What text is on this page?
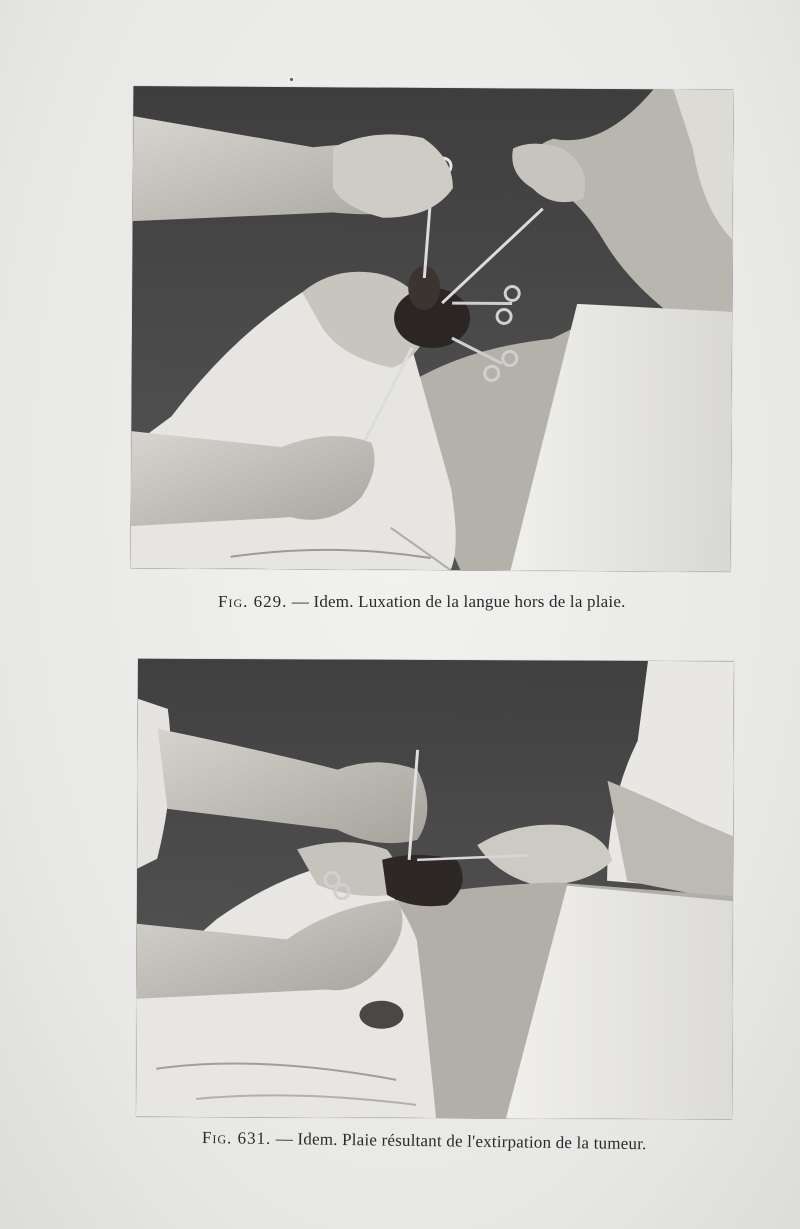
Fig. 629. — Idem. Luxation de la langue hors de la plaie.
Fig. 631. — Idem. Plaie résultant de l'extirpation de la tumeur.
